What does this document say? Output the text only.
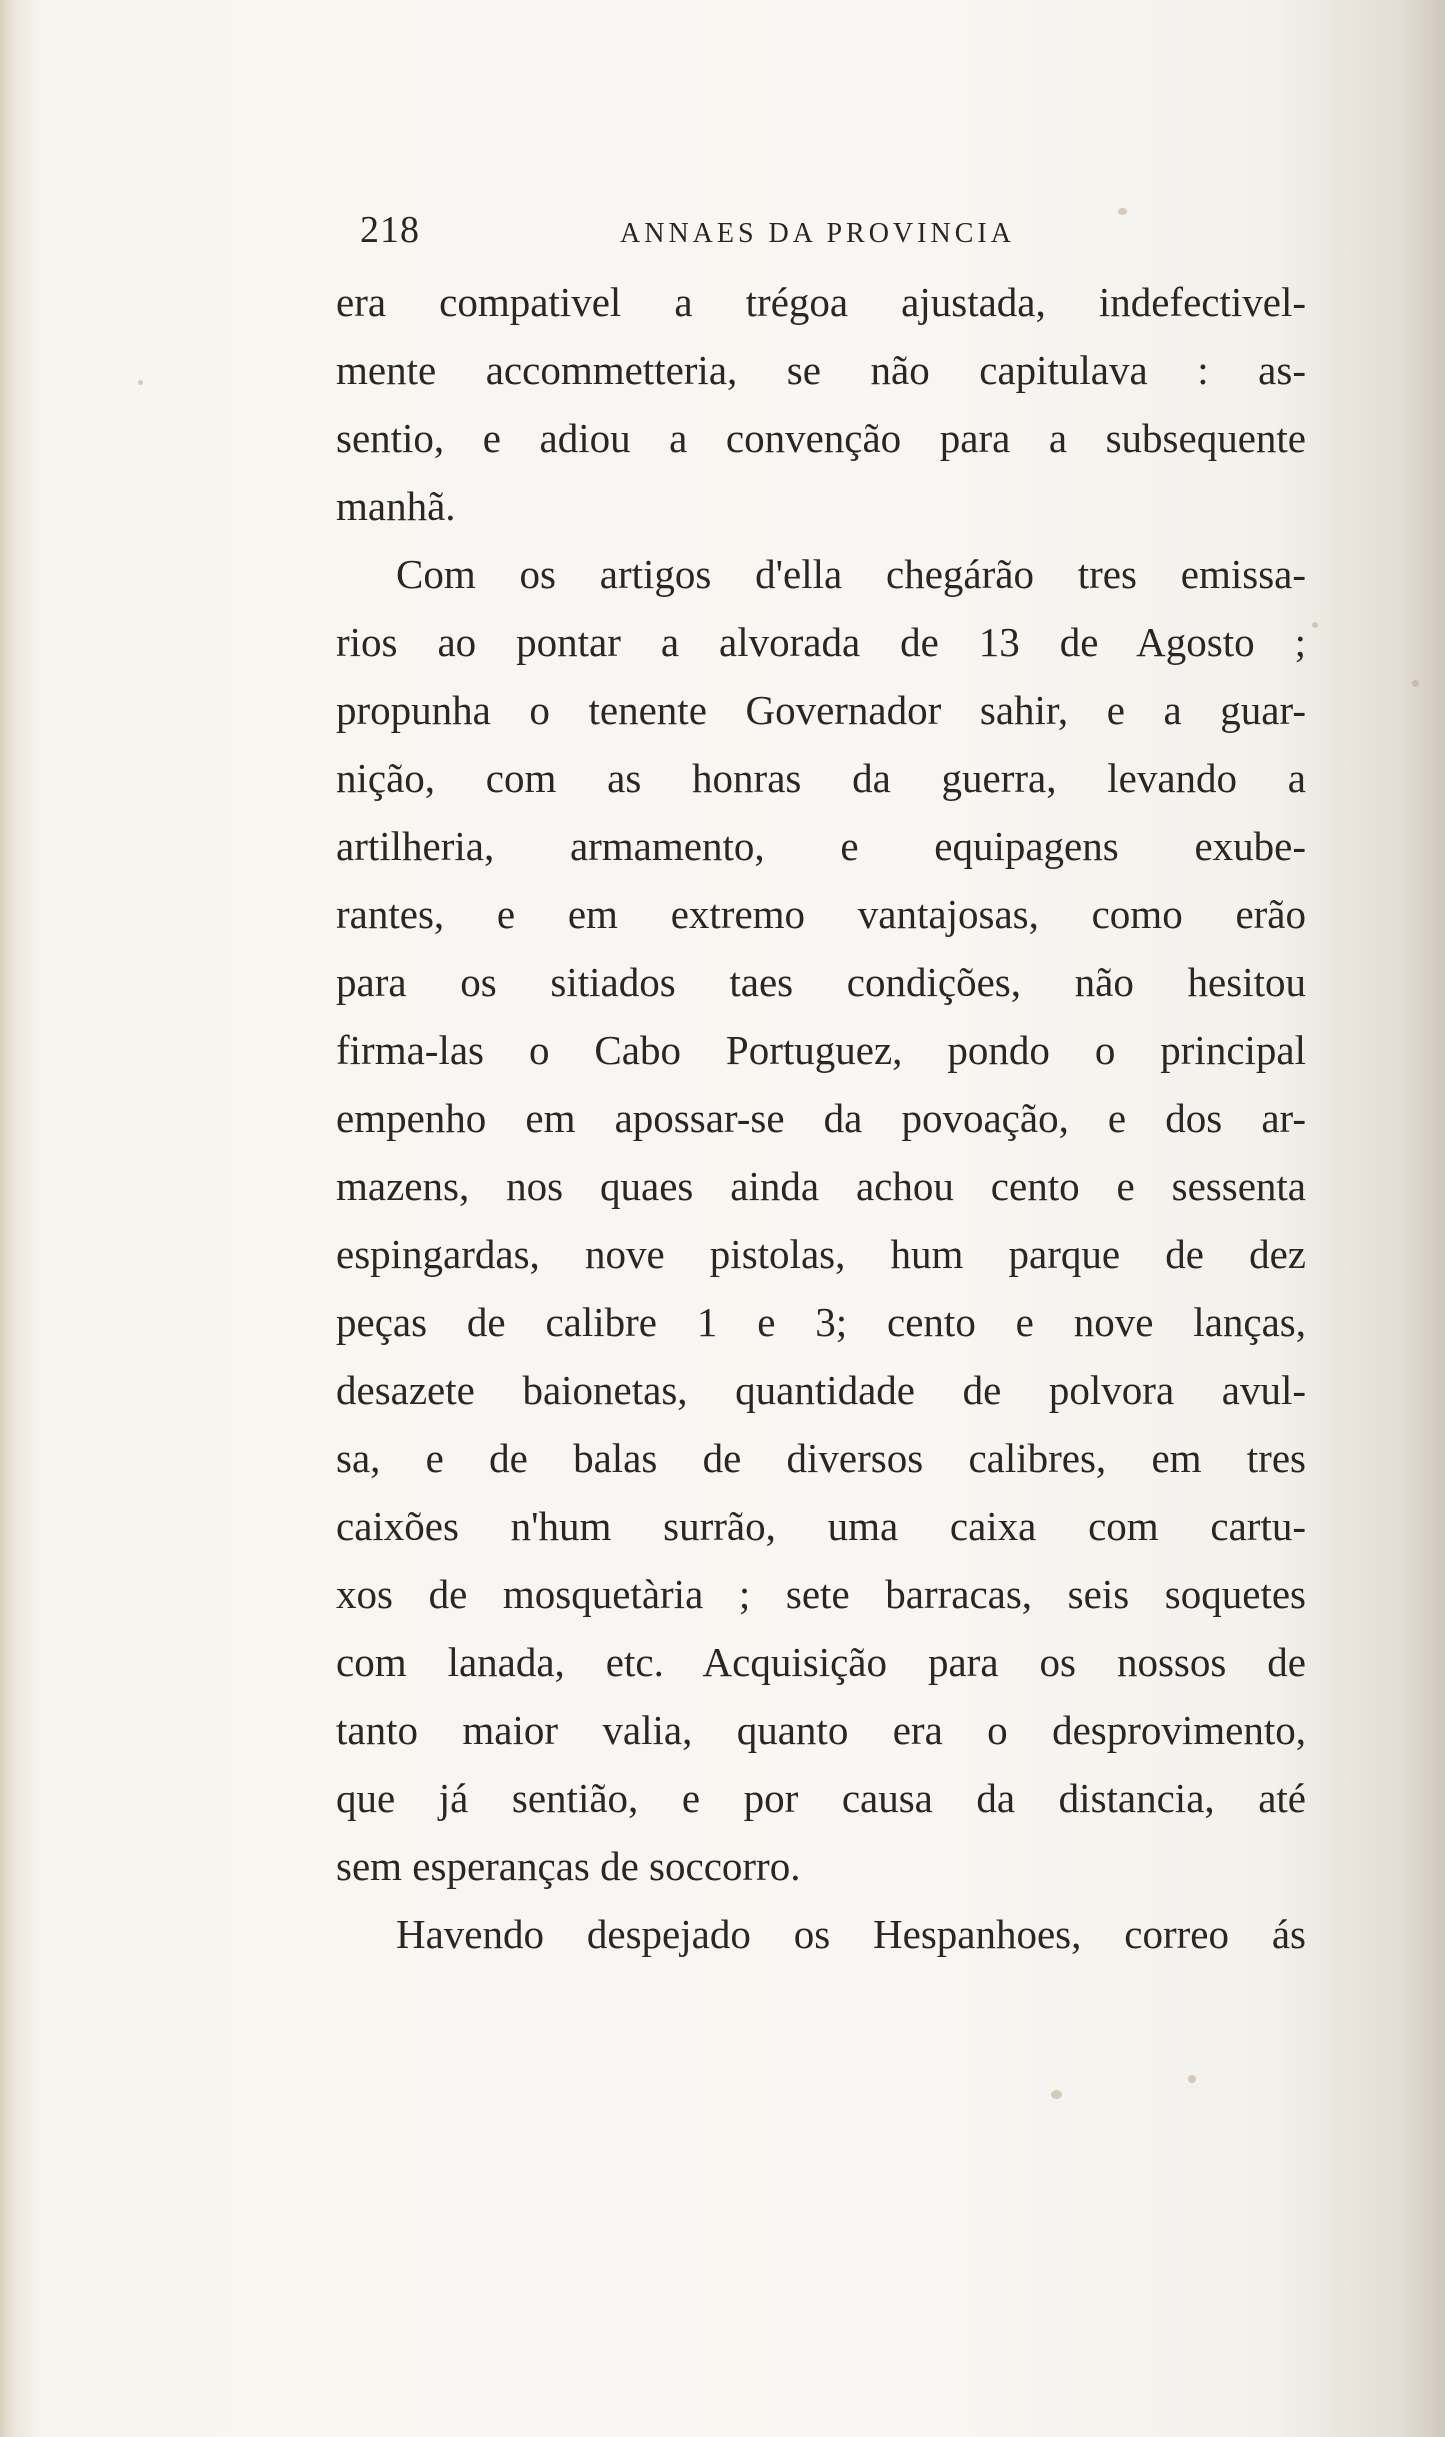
218	ANNAES DA PROVINCIA
era compativel a trégoa ajustada, indefectivel-
mente accommetteria, se não capitulava : as-
sentio, e adiou a convenção para a subsequente
manhã.
Com os artigos d'ella chegárão tres emissa-
rios ao pontar a alvorada de 13 de Agosto ;
propunha o tenente Governador sahir, e a guar-
nição, com as honras da guerra, levando a
artilheria, armamento, e equipagens exube-
rantes, e em extremo vantajosas, como erão
para os sitiados taes condições, não hesitou
firma-las o Cabo Portuguez, pondo o principal
empenho em apossar-se da povoação, e dos ar-
mazens, nos quaes ainda achou cento e sessenta
espingardas, nove pistolas, hum parque de dez
peças de calibre 1 e 3; cento e nove lanças,
desazete baionetas, quantidade de polvora avul-
sa, e de balas de diversos calibres, em tres
caixões n'hum surrão, uma caixa com cartu-
xos de mosquetària ; sete barracas, seis soquetes
com lanada, etc. Acquisição para os nossos de
tanto maior valia, quanto era o desprovimento,
que já sentião, e por causa da distancia, até
sem esperanças de soccorro.
Havendo despejado os Hespanhoes, correo ás
